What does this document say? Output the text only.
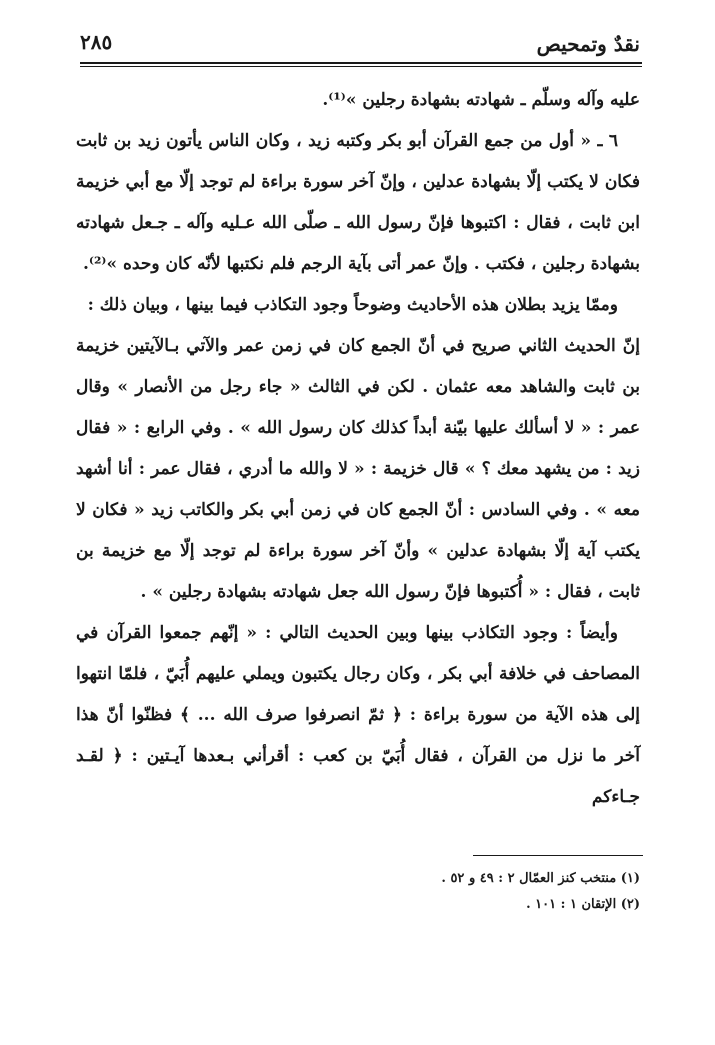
نقدٌ وتمحيص
٢٨٥

عليه وآله وسلّم ـ شهادته بشهادة رجلين »⁽¹⁾.

٦ ـ « أول من جمع القرآن أبو بكر وكتبه زيد ، وكان الناس يأتون زيد بن ثابت فكان لا يكتب إلّا بشهادة عدلين ، وإنّ آخر سورة براءة لم توجد إلّا مع أبي خزيمة ابن ثابت ، فقال : اكتبوها فإنّ رسول الله ـ صلّى الله عـليه وآله ـ جـعل شهادته بشهادة رجلين ، فكتب . وإنّ عمر أتى بآية الرجم فلم نكتبها لأنّه كان وحده »⁽²⁾.

وممّا يزيد بطلان هذه الأحاديث وضوحاً وجود التكاذب فيما بينها ، وبيان ذلك :

إنّ الحديث الثاني صريح في أنّ الجمع كان في زمن عمر والآتي بـالآيتين خزيمة بن ثابت والشاهد معه عثمان . لكن في الثالث « جاء رجل من الأنصار » وقال عمر : « لا أسألك عليها بيّنة أبداً كذلك كان رسول الله » . وفي الرابع : « فقال زيد : من يشهد معك ؟ » قال خزيمة : « لا والله ما أدري ، فقال عمر : أنا أشهد معه » . وفي السادس : أنّ الجمع كان في زمن أبي بكر والكاتب زيد « فكان لا يكتب آية إلّا بشهادة عدلين » وأنّ آخر سورة براءة لم توجد إلّا مع خزيمة بن ثابت ، فقال : « أُكتبوها فإنّ رسول الله جعل شهادته بشهادة رجلين » .

وأيضاً : وجود التكاذب بينها وبين الحديث التالي : « إنّهم جمعوا القرآن في المصاحف في خلافة أبي بكر ، وكان رجال يكتبون ويملي عليهم أُبَيّ ، فلمّا انتهوا إلى هذه الآية من سورة براءة : ﴿ ثمّ انصرفوا صرف الله ... ﴾ فظنّوا أنّ هذا آخر ما نزل من القرآن ، فقال أُبَيّ بن كعب : أقرأني بـعدها آيـتين : ﴿ لقـد جـاءكم

(١) منتخب كنز العمّال ٢ : ٤٩ و ٥٢ .

(٢) الإتقان ١ : ١٠١ .
